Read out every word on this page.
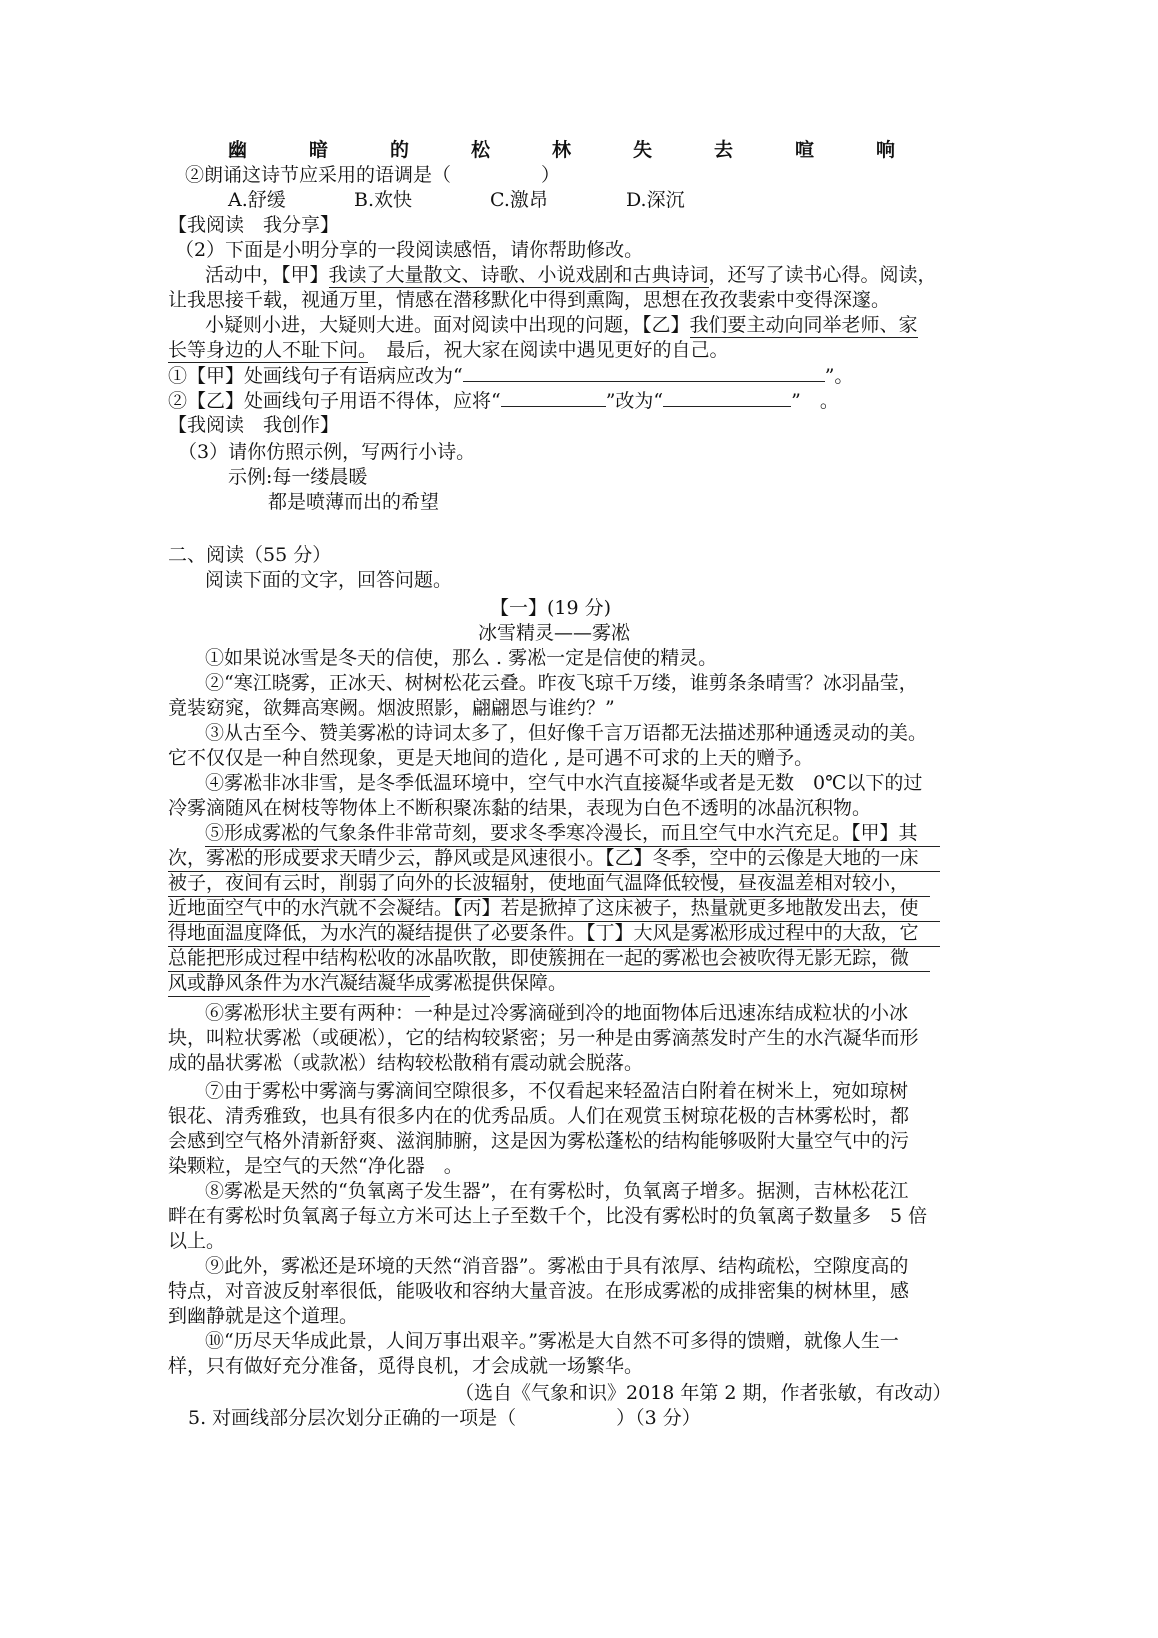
幽	暗	的	松	林	失	去	喧	响
②朗诵这诗节应采用的语调是（	）
A.舒缓	B.欢快	C.激昂	D.深沉
【我阅读　我分享】
（2）下面是小明分享的一段阅读感悟，请你帮助修改。
活动中，【甲】我读了大量散文、诗歌、小说戏剧和古典诗词，还写了读书心得。阅读，
让我思接千载，视通万里，情感在潜移默化中得到熏陶，思想在孜孜裴索中变得深邃。
小疑则小进，大疑则大进。面对阅读中出现的问题，【乙】我们要主动向同举老师、家
长等身边的人不耻下问。　 最后，祝大家在阅读中遇见更好的自己。
①【甲】处画线句子有语病应改为“	”。
②【乙】处画线句子用语不得体，应将“	”改为“	”　。
【我阅读　我创作】
（3）请你仿照示例，写两行小诗。
示例:每一缕晨暖
都是喷薄而出的希望
二、阅读（55 分）
阅读下面的文字，回答问题。
【一】(19 分)
冰雪精灵——雾凇
①如果说冰雪是冬天的信使，那么 . 雾凇一定是信使的精灵。
②“寒江晓雾，正冰天、树树松花云叠。昨夜飞琼千万缕，谁剪条条晴雪？冰羽晶莹，
竟装窈窕，欲舞高寒阙。烟波照影，翩翩恩与谁约？”
③从古至今、赞美雾凇的诗词太多了，但好像千言万语都无法描述那种通透灵动的美。
它不仅仅是一种自然现象，更是天地间的造化 , 是可遇不可求的上天的赠予。
④雾凇非冰非雪，是冬季低温环境中，空气中水汽直接凝华或者是无数　0℃以下的过
冷雾滴随风在树枝等物体上不断积聚冻黏的结果，表现为白色不透明的冰晶沉积物。
⑤形成雾凇的气象条件非常苛刻，要求冬季寒冷漫长，而且空气中水汽充足。【甲】其
次，雾凇的形成要求天晴少云，静风或是风速很小。【乙】冬季，空中的云像是大地的一床
被子，夜间有云时，削弱了向外的长波辐射，使地面气温降低较慢，昼夜温差相对较小，
近地面空气中的水汽就不会凝结。【丙】若是掀掉了这床被子，热量就更多地散发出去，使
得地面温度降低，为水汽的凝结提供了必要条件。【丁】大风是雾凇形成过程中的大敌，它
总能把形成过程中结构松收的冰晶吹散，即使簇拥在一起的雾凇也会被吹得无影无踪，微
风或静风条件为水汽凝结凝华成雾凇提供保障。
⑥雾凇形状主要有两种：一种是过冷雾滴碰到冷的地面物体后迅速冻结成粒状的小冰
块，叫粒状雾凇（或硬凇），它的结构较紧密；另一种是由雾滴蒸发时产生的水汽凝华而形
成的晶状雾凇（或款凇）结构较松散稍有震动就会脱落。
⑦由于雾松中雾滴与雾滴间空隙很多，不仅看起来轻盈洁白附着在树米上，宛如琼树
银花、清秀雅致，也具有很多内在的优秀品质。人们在观赏玉树琼花极的吉林雾松时，都
会感到空气格外清新舒爽、滋润肺腑，这是因为雾松蓬松的结构能够吸附大量空气中的污
染颗粒，是空气的天然“净化器　。
⑧雾凇是天然的“负氧离子发生器”，在有雾松时，负氧离子增多。据测，吉林松花江
畔在有雾松时负氧离子每立方米可达上子至数千个，比没有雾松时的负氧离子数量多　5 倍
以上。
⑨此外，雾凇还是环境的天然“消音器”。雾凇由于具有浓厚、结构疏松，空隙度高的
特点，对音波反射率很低，能吸收和容纳大量音波。在形成雾凇的成排密集的树林里，感
到幽静就是这个道理。
⑩“历尽天华成此景，人间万事出艰辛。”雾凇是大自然不可多得的馈赠，就像人生一
样，只有做好充分准备，觅得良机，才会成就一场繁华。
（选自《气象和识》2018 年第 2 期，作者张敏，有改动）
5. 对画线部分层次划分正确的一项是（	）（3 分）
